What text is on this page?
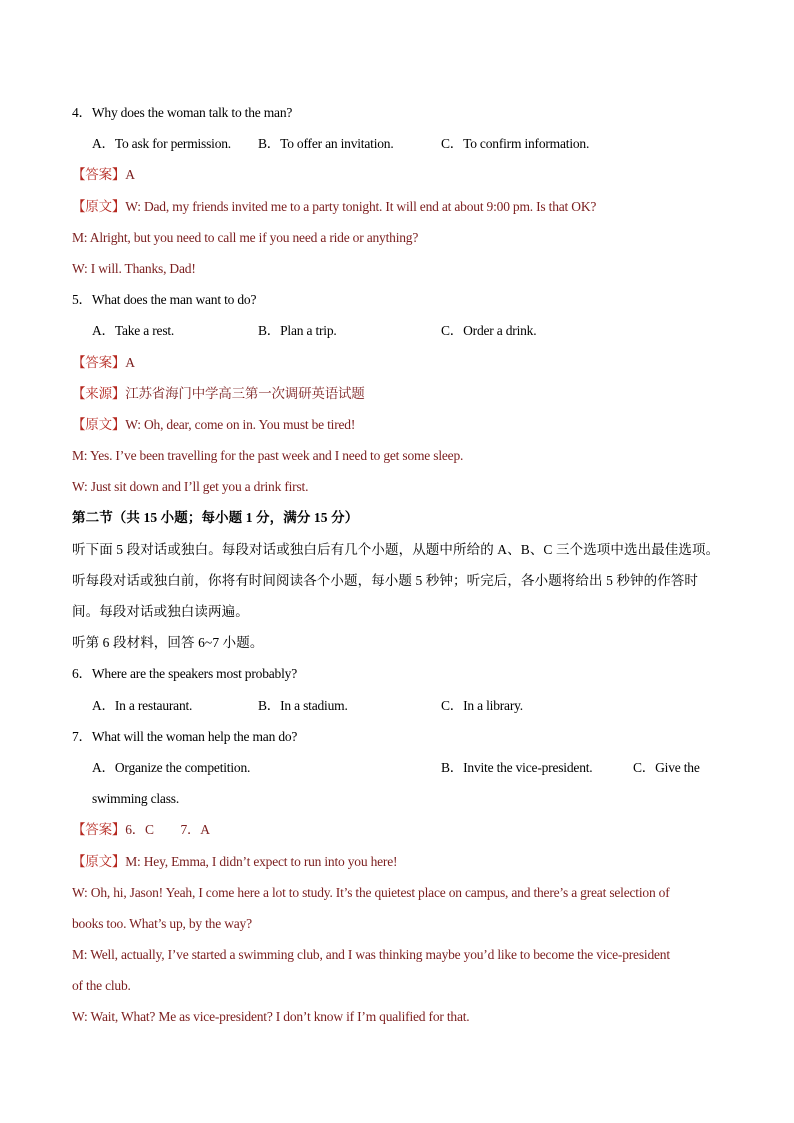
4．Why does the woman talk to the man?
A．To ask for permission. B．To offer an invitation.	C．To confirm information.
【答案】A
【原文】W: Dad, my friends invited me to a party tonight. It will end at about 9:00 pm. Is that OK?
M: Alright, but you need to call me if you need a ride or anything?
W: I will. Thanks, Dad!
5．What does the man want to do?
A．Take a rest.	B．Plan a trip.	C．Order a drink.
【答案】A
【来源】江苏省海门中学高三第一次调研英语试题
【原文】W: Oh, dear, come on in. You must be tired!
M: Yes. I’ve been travelling for the past week and I need to get some sleep.
W: Just sit down and I’ll get you a drink first.
第二节（共 15 小题；每小题 1 分，满分 15 分）
听下面 5 段对话或独白。每段对话或独白后有几个小题，从题中所给的 A、B、C 三个选项中选出最佳选项。
听每段对话或独白前，你将有时间阅读各个小题，每小题 5 秒钟；听完后，各小题将给出 5 秒钟的作答时
间。每段对话或独白读两遍。
听第 6 段材料，回答 6~7 小题。
6．Where are the speakers most probably?
A．In a restaurant.	B．In a stadium.	C．In a library.
7．What will the woman help the man do?
A．Organize the competition.	B．Invite the vice-president.	C．Give the swimming class.
【答案】6．C　　7．A
【原文】M: Hey, Emma, I didn’t expect to run into you here!
W: Oh, hi, Jason! Yeah, I come here a lot to study. It’s the quietest place on campus, and there’s a great selection of
books too. What’s up, by the way?
M: Well, actually, I’ve started a swimming club, and I was thinking maybe you’d like to become the vice-president
of the club.
W: Wait, What? Me as vice-president? I don’t know if I’m qualified for that.
